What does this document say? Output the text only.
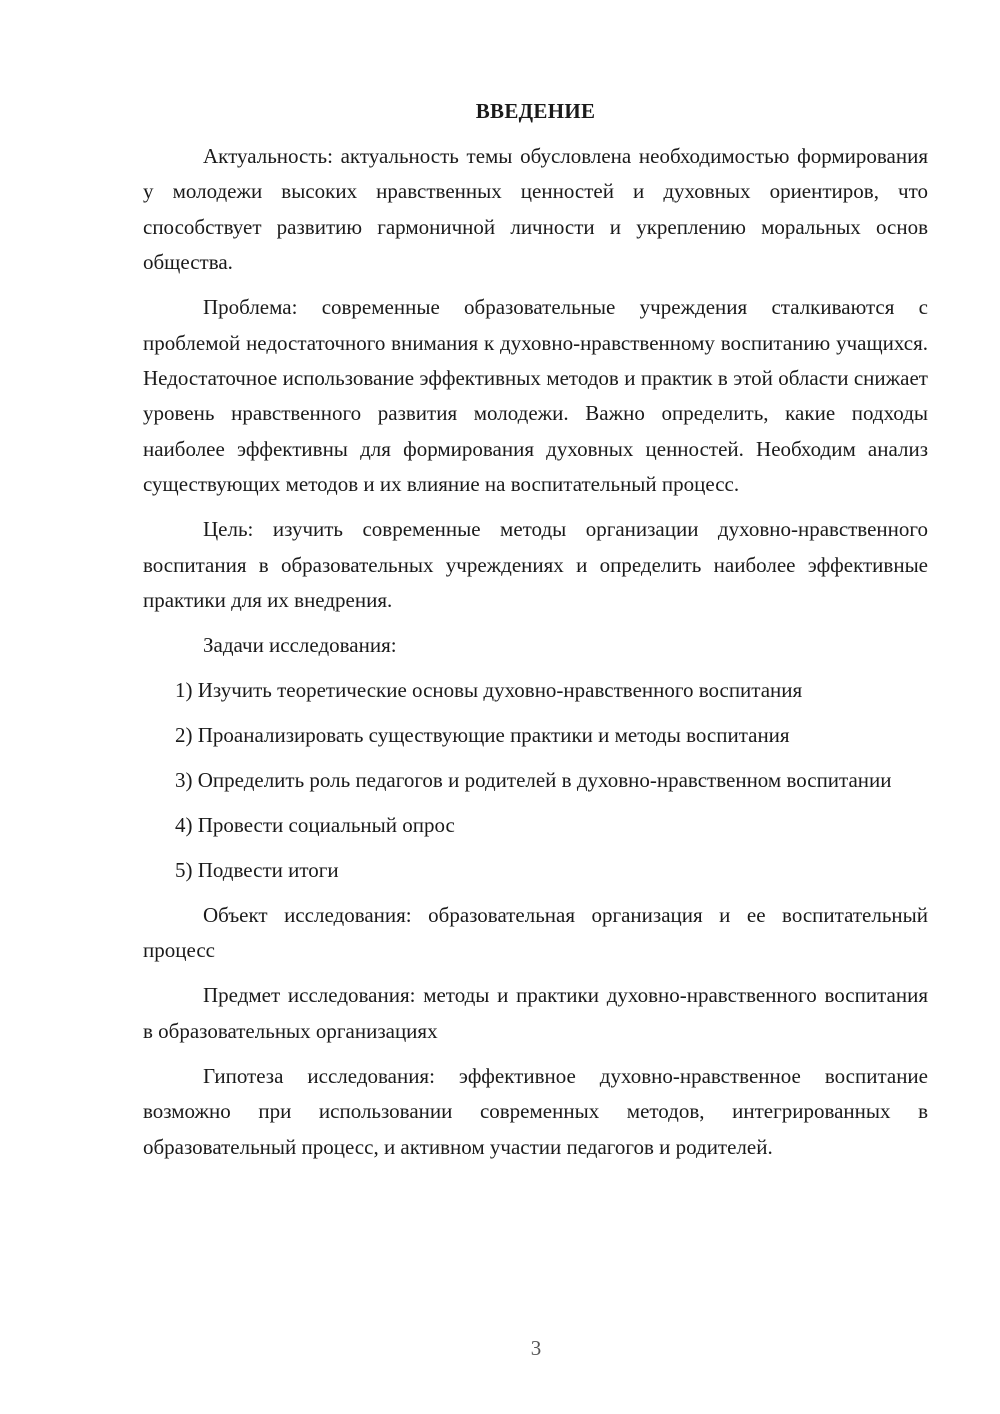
ВВЕДЕНИЕ

Актуальность: актуальность темы обусловлена необходимостью формирования у молодежи высоких нравственных ценностей и духовных ориентиров, что способствует развитию гармоничной личности и укреплению моральных основ общества.

Проблема: современные образовательные учреждения сталкиваются с проблемой недостаточного внимания к духовно-нравственному воспитанию учащихся. Недостаточное использование эффективных методов и практик в этой области снижает уровень нравственного развития молодежи. Важно определить, какие подходы наиболее эффективны для формирования духовных ценностей. Необходим анализ существующих методов и их влияние на воспитательный процесс.

Цель: изучить современные методы организации духовно-нравственного воспитания в образовательных учреждениях и определить наиболее эффективные практики для их внедрения.

Задачи исследования:

1) Изучить теоретические основы духовно-нравственного воспитания

2) Проанализировать существующие практики и методы воспитания

3) Определить роль педагогов и родителей в духовно-нравственном воспитании

4) Провести социальный опрос

5) Подвести итоги

Объект исследования: образовательная организация и ее воспитательный процесс

Предмет исследования: методы и практики духовно-нравственного воспитания в образовательных организациях

Гипотеза исследования: эффективное духовно-нравственное воспитание возможно при использовании современных методов, интегрированных в образовательный процесс, и активном участии педагогов и родителей.

3
